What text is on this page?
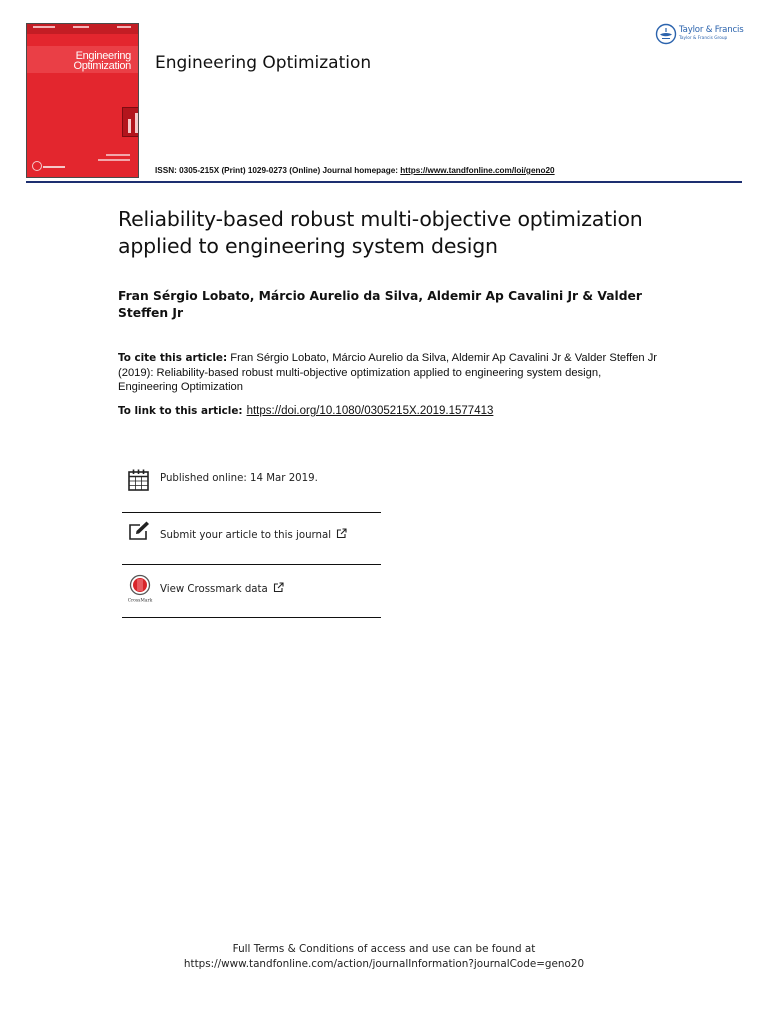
Engineering
Optimization Engineering Optimization
Taylor & Francis
Taylor & Francis Group
ISSN: 0305-215X (Print) 1029-0273 (Online) Journal homepage: https://www.tandfonline.com/loi/geno20
Reliability-based robust multi-objective optimization applied to engineering system design
Fran Sérgio Lobato, Márcio Aurelio da Silva, Aldemir Ap Cavalini Jr & Valder Steffen Jr
To cite this article: Fran Sérgio Lobato, Márcio Aurelio da Silva, Aldemir Ap Cavalini Jr & Valder Steffen Jr (2019): Reliability-based robust multi-objective optimization applied to engineering system design, Engineering Optimization
To link to this article: https://doi.org/10.1080/0305215X.2019.1577413
Published online: 14 Mar 2019.
Submit your article to this journal
CrossMark
View Crossmark data
Full Terms & Conditions of access and use can be found at
https://www.tandfonline.com/action/journalInformation?journalCode=geno20
